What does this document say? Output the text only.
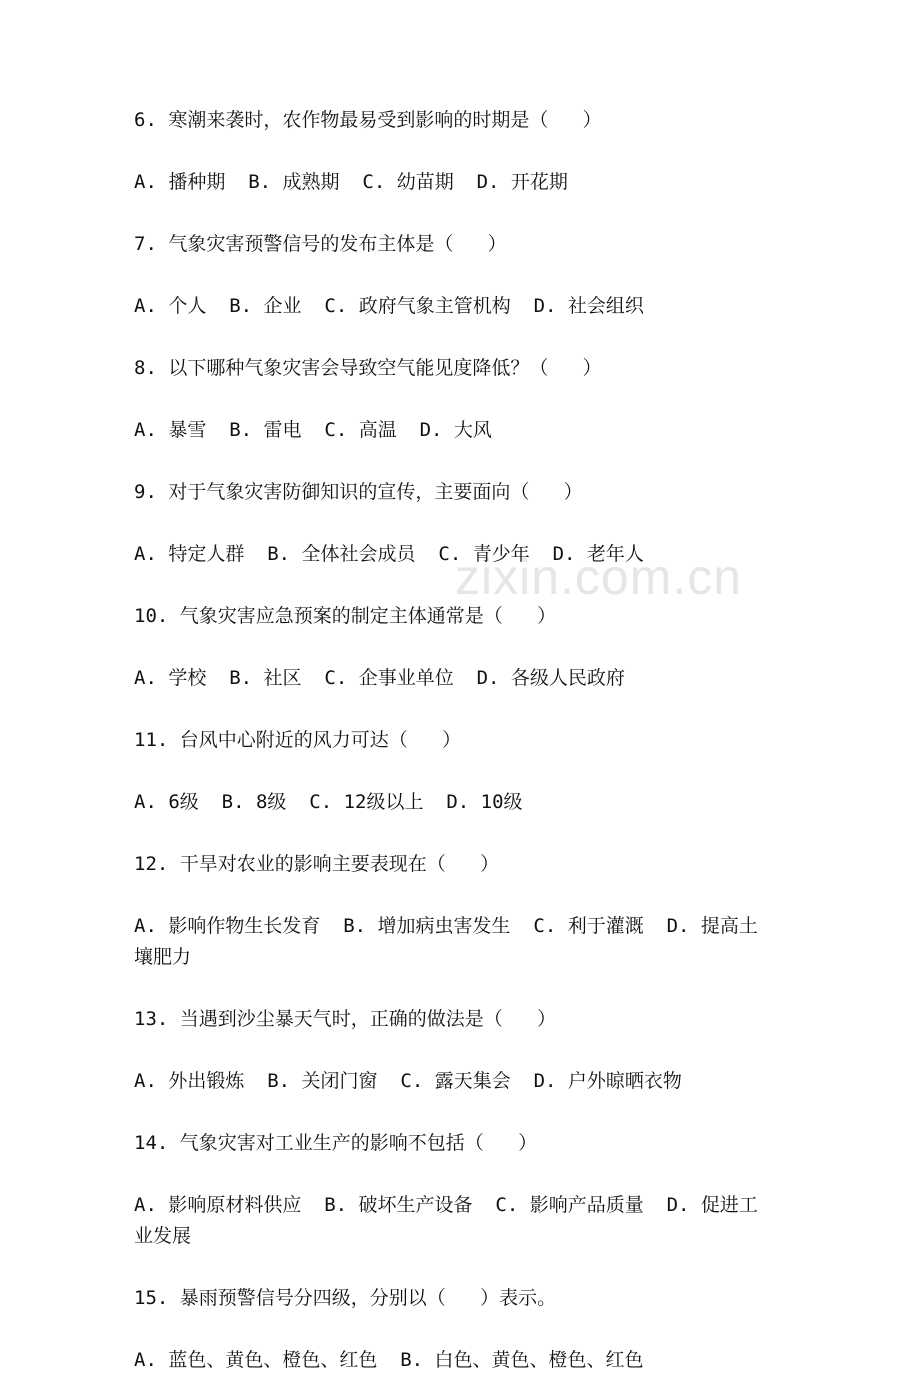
zixin.com.cn

6. 寒潮来袭时，农作物最易受到影响的时期是（   ）

A. 播种期  B. 成熟期  C. 幼苗期  D. 开花期

7. 气象灾害预警信号的发布主体是（   ）

A. 个人  B. 企业  C. 政府气象主管机构  D. 社会组织

8. 以下哪种气象灾害会导致空气能见度降低？（   ）

A. 暴雪  B. 雷电  C. 高温  D. 大风

9. 对于气象灾害防御知识的宣传，主要面向（   ）

A. 特定人群  B. 全体社会成员  C. 青少年  D. 老年人

10. 气象灾害应急预案的制定主体通常是（   ）

A. 学校  B. 社区  C. 企事业单位  D. 各级人民政府

11. 台风中心附近的风力可达（   ）

A. 6级  B. 8级  C. 12级以上  D. 10级

12. 干旱对农业的影响主要表现在（   ）

A. 影响作物生长发育  B. 增加病虫害发生  C. 利于灌溉  D. 提高土壤肥力

13. 当遇到沙尘暴天气时，正确的做法是（   ）

A. 外出锻炼  B. 关闭门窗  C. 露天集会  D. 户外晾晒衣物

14. 气象灾害对工业生产的影响不包括（   ）

A. 影响原材料供应  B. 破坏生产设备  C. 影响产品质量  D. 促进工业发展

15. 暴雨预警信号分四级，分别以（   ）表示。

A. 蓝色、黄色、橙色、红色  B. 白色、黄色、橙色、红色
